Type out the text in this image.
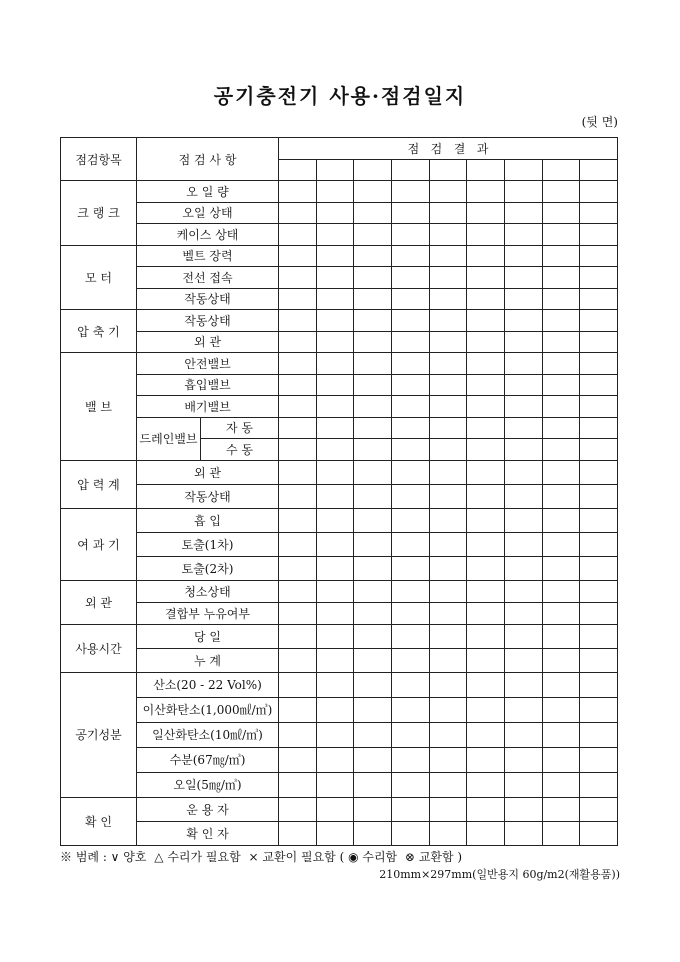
공기충전기 사용·점검일지
(뒷 면)
점검항목	점 검 사 항		점   검   결   과								

크 랭 크	오 일 량										
	오일 상태										
	케이스 상태										
모 터	벨트 장력										
	전선 접속										
	작동상태										
압 축 기	작동상태										
	외 관										
밸 브	안전밸브										
	흡입밸브										
	배기밸브										
	드레인밸브	자 동									
		수 동									
압 력 계	외 관										
	작동상태										
여 과 기	흡 입										
	토출(1차)										
	토출(2차)										
외 관	청소상태										
	결합부 누유여부										
사용시간	당 일										
	누 계										
공기성분	산소(20 - 22 Vol%)										
	이산화탄소(1,000㎖/㎥)										
	일산화탄소(10㎖/㎥)										
	수분(67㎎/㎥)										
	오일(5㎎/㎥)										
확 인	운 용 자										
	확 인 자										
※ 범례 : ∨ 양호 △ 수리가 필요함 × 교환이 필요함 ( ◉ 수리함 ⊗ 교환함 )
210mm×297mm(일반용지 60g/m2(재활용품))
